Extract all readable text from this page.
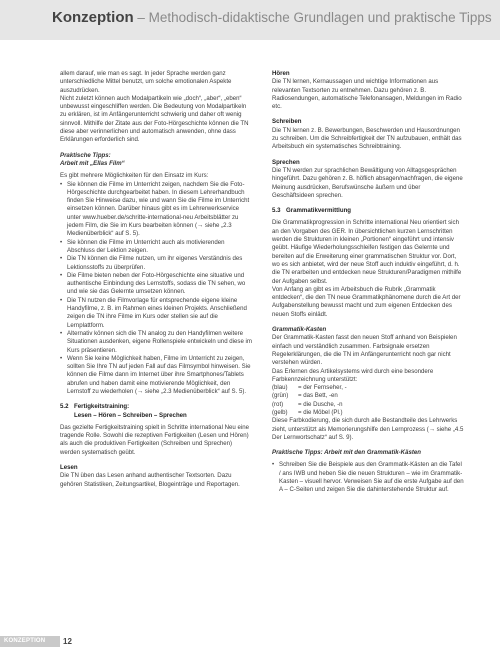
Konzeption – Methodisch-didaktische Grundlagen und praktische Tipps

allem darauf, wie man es sagt. In jeder Sprache werden ganz unterschiedliche Mittel benutzt, um solche emotionalen Aspekte auszudrücken.

Nicht zuletzt können auch Modalpartikeln wie „doch“, „aber“, „eben“ unbewusst eingeschliffen werden. Die Bedeutung von Modalpartikeln zu erklären, ist im Anfängerunterricht schwierig und daher oft wenig sinnvoll. Mithilfe der Zitate aus der Foto-Hörgeschichte können die TN diese aber verinnerlichen und automatisch anwenden, ohne dass Erklärungen erforderlich sind.

Praktische Tipps:

Arbeit mit „Ellas Film“

Es gibt mehrere Möglichkeiten für den Einsatz im Kurs:

• Sie können die Filme im Unterricht zeigen, nachdem Sie die Foto-Hörgeschichte durchgearbeitet haben. In diesem Lehrerhandbuch finden Sie Hinweise dazu, wie und wann Sie die Filme im Unterricht einsetzen können. Darüber hinaus gibt es im Lehrerwerkservice unter www.hueber.de/schritte-international-neu Arbeitsblätter zu jedem Film, die Sie im Kurs bearbeiten können (→ siehe „2.3 Medienüberblick“ auf S. 5).
• Sie können die Filme im Unterricht auch als motivierenden Abschluss der Lektion zeigen.
• Die TN können die Filme nutzen, um ihr eigenes Verständnis des Lektionsstoffs zu überprüfen.
• Die Filme bieten neben der Foto-Hörgeschichte eine situative und authentische Einbindung des Lernstoffs, sodass die TN sehen, wo und wie sie das Gelernte umsetzen können.
• Die TN nutzen die Filmvorlage für entsprechende eigene kleine Handyfilme, z. B. im Rahmen eines kleinen Projekts. Anschließend zeigen die TN ihre Filme im Kurs oder stellen sie auf die Lernplattform.
• Alternativ können sich die TN analog zu den Handyfilmen weitere Situationen ausdenken, eigene Rollenspiele entwickeln und diese im Kurs präsentieren.
• Wenn Sie keine Möglichkeit haben, Filme im Unterricht zu zeigen, sollten Sie Ihre TN auf jeden Fall auf das Filmsymbol hinweisen. Sie können die Filme dann im Internet über ihre Smartphones/Tablets abrufen und haben damit eine motivierende Möglichkeit, den Lernstoff zu wiederholen (→ siehe „2.3 Medienüberblick“ auf S. 5).
5.2 Fertigkeitstraining:
Lesen – Hören – Schreiben – Sprechen

Das gezielte Fertigkeitstraining spielt in Schritte international Neu eine tragende Rolle. Sowohl die rezeptiven Fertigkeiten (Lesen und Hören) als auch die produktiven Fertigkeiten (Schreiben und Sprechen) werden systematisch geübt.

Lesen

Die TN üben das Lesen anhand authentischer Textsorten. Dazu gehören Statistiken, Zeitungsartikel, Blogeinträge und Reportagen.

Hören

Die TN lernen, Kernaussagen und wichtige Informationen aus relevanten Textsorten zu entnehmen. Dazu gehören z. B. Radiosendungen, automatische Telefonansagen, Meldungen im Radio etc.

Schreiben

Die TN lernen z. B. Bewerbungen, Beschwerden und Hausordnungen zu schreiben. Um die Schreibfertigkeit der TN aufzubauen, enthält das Arbeitsbuch ein systematisches Schreibtraining.

Sprechen

Die TN werden zur sprachlichen Bewältigung von Alltagsgesprächen hingeführt. Dazu gehören z. B. höflich absagen/nachfragen, die eigene Meinung ausdrücken, Berufswünsche äußern und über Geschäftsideen sprechen.

5.3 Grammatikvermittlung

Die Grammatikprogression in Schritte international Neu orientiert sich an den Vorgaben des GER. In übersichtlichen kurzen Lernschritten werden die Strukturen in kleinen „Portionen“ eingeführt und intensiv geübt. Häufige Wiederholungsschleifen festigen das Gelernte und bereiten auf die Erweiterung einer grammatischen Struktur vor. Dort, wo es sich anbietet, wird der neue Stoff auch induktiv eingeführt, d. h. die TN erarbeiten und entdecken neue Strukturen/Paradigmen mithilfe der Aufgaben selbst.

Von Anfang an gibt es im Arbeitsbuch die Rubrik „Grammatik entdecken“, die den TN neue Grammatikphänomene durch die Art der Aufgabenstellung bewusst macht und zum eigenen Entdecken des neuen Stoffs einlädt.

Grammatik-Kasten

Der Grammatik-Kasten fasst den neuen Stoff anhand von Beispielen einfach und verständlich zusammen. Farbsignale ersetzen Regelerklärungen, die die TN im Anfängerunterricht noch gar nicht verstehen würden.

Das Erlernen des Artikelsystems wird durch eine besondere Farbkennzeichnung unterstützt:

(blau)	= der Fernseher, -
(grün)	= das Bett, -en
(rot)	= die Dusche, -n
(gelb)	= die Möbel (Pl.)

Diese Farbkodierung, die sich durch alle Bestandteile des Lehrwerks zieht, unterstützt als Memorierungshilfe den Lernprozess (→ siehe „4.5 Der Lernwortschatz“ auf S. 9).

Praktische Tipps: Arbeit mit den Grammatik-Kästen

• Schreiben Sie die Beispiele aus den Grammatik-Kästen an die Tafel / ans IWB und heben Sie die neuen Strukturen – wie im Grammatik-Kasten – visuell hervor. Verweisen Sie auf die erste Aufgabe auf den A – C-Seiten und zeigen Sie die dahinterstehende Struktur auf.
KONZEPTION	12
